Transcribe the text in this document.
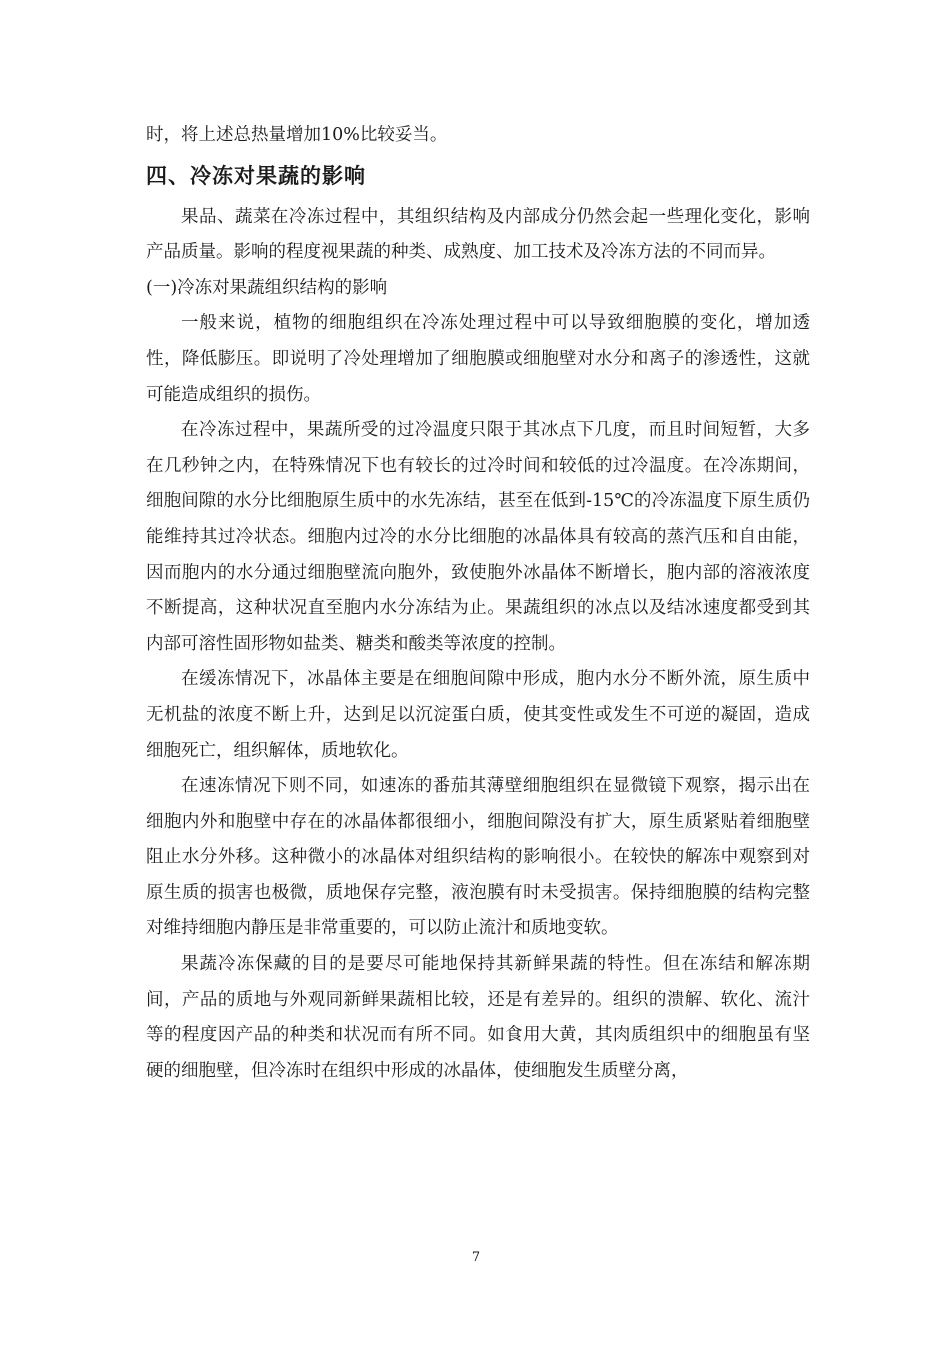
时，将上述总热量增加10%比较妥当。

四、冷冻对果蔬的影响

果品、蔬菜在冷冻过程中，其组织结构及内部成分仍然会起一些理化变化，影响产品质量。影响的程度视果蔬的种类、成熟度、加工技术及冷冻方法的不同而异。

(一)冷冻对果蔬组织结构的影响

一般来说，植物的细胞组织在冷冻处理过程中可以导致细胞膜的变化，增加透性，降低膨压。即说明了冷处理增加了细胞膜或细胞壁对水分和离子的渗透性，这就可能造成组织的损伤。

在冷冻过程中，果蔬所受的过冷温度只限于其冰点下几度，而且时间短暂，大多在几秒钟之内，在特殊情况下也有较长的过冷时间和较低的过冷温度。在冷冻期间，细胞间隙的水分比细胞原生质中的水先冻结，甚至在低到-15℃的冷冻温度下原生质仍能维持其过冷状态。细胞内过冷的水分比细胞的冰晶体具有较高的蒸汽压和自由能，因而胞内的水分通过细胞壁流向胞外，致使胞外冰晶体不断增长，胞内部的溶液浓度不断提高，这种状况直至胞内水分冻结为止。果蔬组织的冰点以及结冰速度都受到其内部可溶性固形物如盐类、糖类和酸类等浓度的控制。

在缓冻情况下，冰晶体主要是在细胞间隙中形成，胞内水分不断外流，原生质中无机盐的浓度不断上升，达到足以沉淀蛋白质，使其变性或发生不可逆的凝固，造成细胞死亡，组织解体，质地软化。

在速冻情况下则不同，如速冻的番茄其薄壁细胞组织在显微镜下观察，揭示出在细胞内外和胞壁中存在的冰晶体都很细小，细胞间隙没有扩大，原生质紧贴着细胞壁阻止水分外移。这种微小的冰晶体对组织结构的影响很小。在较快的解冻中观察到对原生质的损害也极微，质地保存完整，液泡膜有时未受损害。保持细胞膜的结构完整对维持细胞内静压是非常重要的，可以防止流汁和质地变软。

果蔬冷冻保藏的目的是要尽可能地保持其新鲜果蔬的特性。但在冻结和解冻期间，产品的质地与外观同新鲜果蔬相比较，还是有差异的。组织的溃解、软化、流汁等的程度因产品的种类和状况而有所不同。如食用大黄，其肉质组织中的细胞虽有坚硬的细胞壁，但冷冻时在组织中形成的冰晶体，使细胞发生质壁分离，

7
